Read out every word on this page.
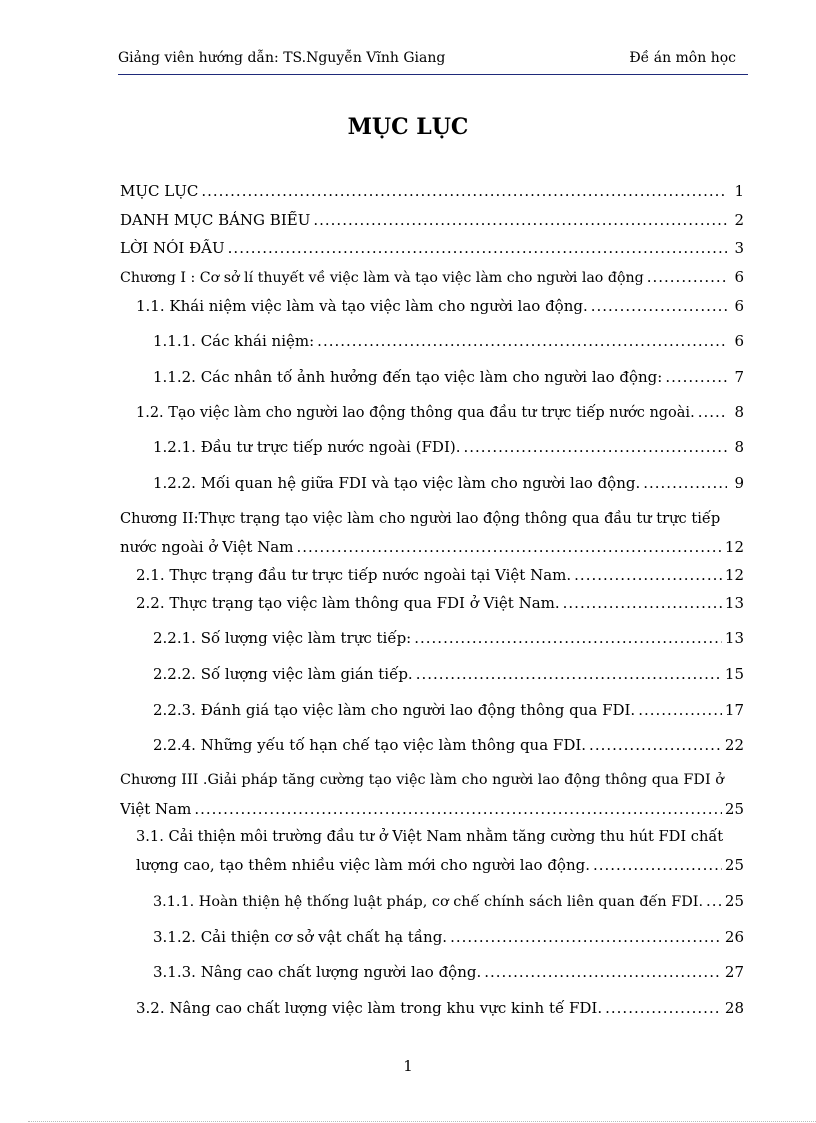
Giảng viên hướng dẫn: TS.Nguyễn Vĩnh Giang	Đề án môn học
MỤC LỤC
MỤC LỤC .....	1
DANH MỤC BẢNG BIỂU .....	2
LỜI NÓI ĐẦU .....	3
Chương I : Cơ sở lí thuyết về việc làm và tạo việc làm cho người lao động .....	6
1.1. Khái niệm việc làm và tạo việc làm cho người lao động. .....	6
1.1.1. Các khái niệm: .....	6
1.1.2. Các nhân tố ảnh hưởng đến tạo việc làm cho người lao động: .....	7
1.2. Tạo việc làm cho người lao động thông qua đầu tư trực tiếp nước ngoài. .....	8
1.2.1. Đầu tư trực tiếp nước ngoài (FDI). .....	8
1.2.2. Mối quan hệ giữa FDI và tạo việc làm cho người lao động. .....	9
Chương II:Thực trạng tạo việc làm cho người lao động thông qua đầu tư trực tiếp
nước ngoài ở Việt Nam .....	12
2.1. Thực trạng đầu tư trực tiếp nước ngoài tại Việt Nam. .....	12
2.2. Thực trạng tạo việc làm thông qua FDI ở Việt Nam. .....	13
2.2.1. Số lượng việc làm trực tiếp: .....	13
2.2.2. Số lượng việc làm gián tiếp. .....	15
2.2.3. Đánh giá tạo việc làm cho người lao động thông qua FDI. .....	17
2.2.4. Những yếu tố hạn chế tạo việc làm thông qua FDI. .....	22
Chương III .Giải pháp tăng cường tạo việc làm cho người lao động thông qua FDI ở
Việt Nam .....	25
3.1. Cải thiện môi trường đầu tư ở Việt Nam nhằm tăng cường thu hút FDI chất
lượng cao, tạo thêm nhiều việc làm mới cho người lao động. .....	25
3.1.1. Hoàn thiện hệ thống luật pháp, cơ chế chính sách liên quan đến FDI. ..... 25
3.1.2. Cải thiện cơ sở vật chất hạ tầng. .....	26
3.1.3. Nâng cao chất lượng người lao động. .....	27
3.2. Nâng cao chất lượng việc làm trong khu vực kinh tế FDI. .....	28
1
